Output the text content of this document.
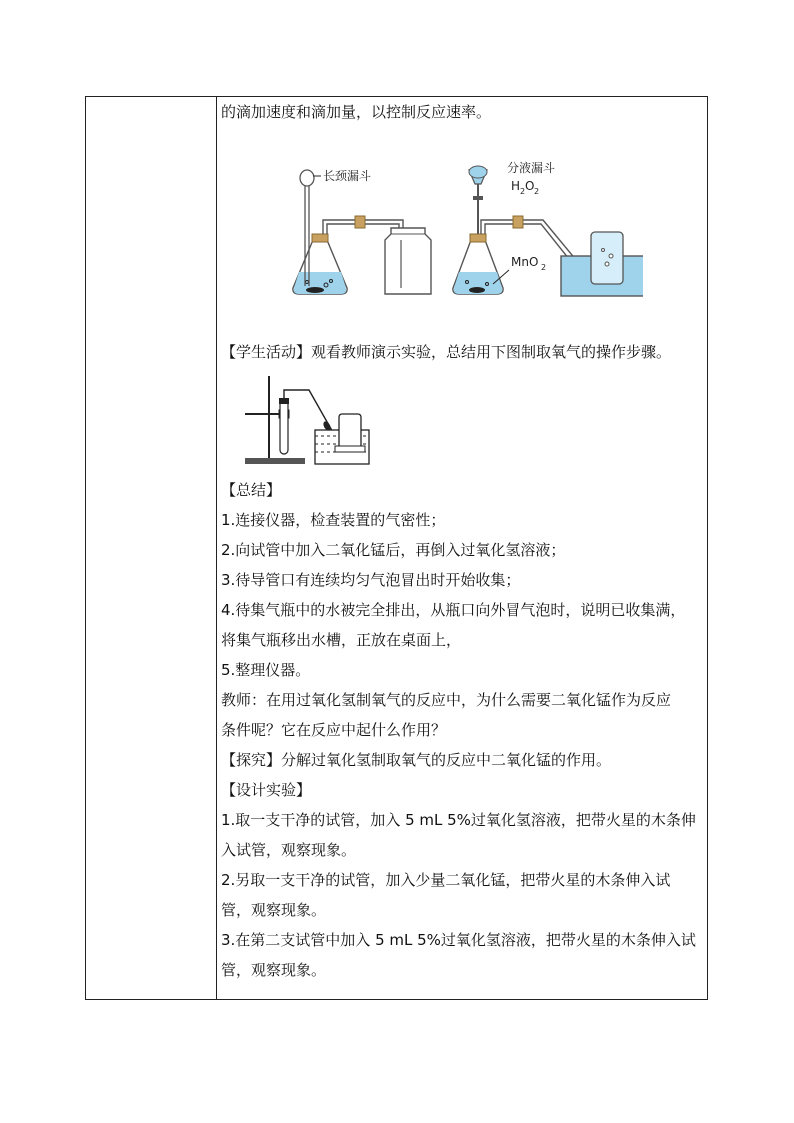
的滴加速度和滴加量，以控制反应速率。
长颈漏斗
分液漏斗
H 2 O 2
MnO 2
【学生活动】观看教师演示实验，总结用下图制取氧气的操作步骤。
【总结】
1.连接仪器，检查装置的气密性；
2.向试管中加入二氧化锰后，再倒入过氧化氢溶液；
3.待导管口有连续均匀气泡冒出时开始收集；
4.待集气瓶中的水被完全排出，从瓶口向外冒气泡时，说明已收集满，
将集气瓶移出水槽，正放在桌面上，
5.整理仪器。
教师：在用过氧化氢制氧气的反应中，为什么需要二氧化锰作为反应
条件呢？它在反应中起什么作用？
【探究】分解过氧化氢制取氧气的反应中二氧化锰的作用。
【设计实验】
1.取一支干净的试管，加入 5 mL 5%过氧化氢溶液，把带火星的木条伸
入试管，观察现象。
2.另取一支干净的试管，加入少量二氧化锰，把带火星的木条伸入试
管，观察现象。
3.在第二支试管中加入 5 mL 5%过氧化氢溶液，把带火星的木条伸入试
管，观察现象。
